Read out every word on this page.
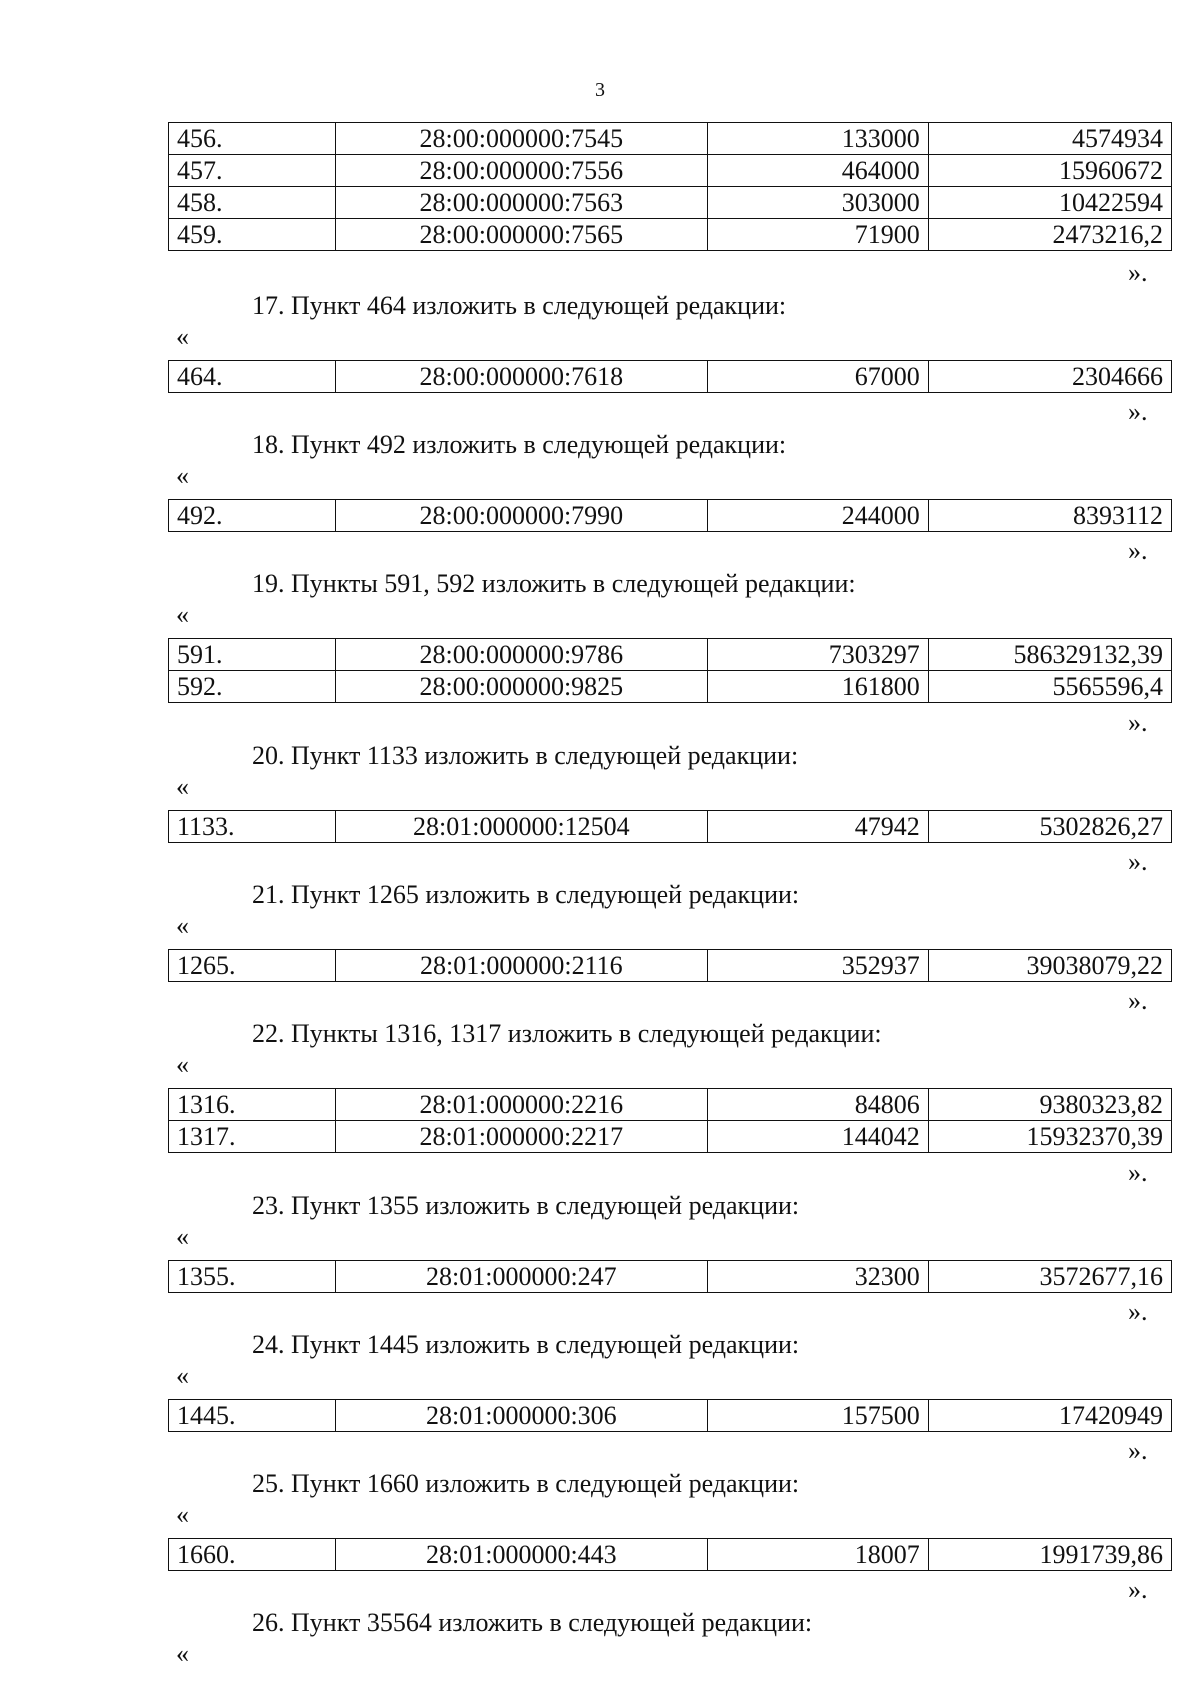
3
456.	28:00:000000:7545	133000	4574934
457.	28:00:000000:7556	464000	15960672
458.	28:00:000000:7563	303000	10422594
459.	28:00:000000:7565	71900	2473216,2
».
17. Пункт 464 изложить в следующей редакции:
«
464.	28:00:000000:7618	67000	2304666
».
18. Пункт 492 изложить в следующей редакции:
«
492.	28:00:000000:7990	244000	8393112
».
19. Пункты 591, 592 изложить в следующей редакции:
«
591.	28:00:000000:9786	7303297	586329132,39
592.	28:00:000000:9825	161800	5565596,4
».
20. Пункт 1133 изложить в следующей редакции:
«
1133.	28:01:000000:12504	47942	5302826,27
».
21. Пункт 1265 изложить в следующей редакции:
«
1265.	28:01:000000:2116	352937	39038079,22
».
22. Пункты 1316, 1317 изложить в следующей редакции:
«
1316.	28:01:000000:2216	84806	9380323,82
1317.	28:01:000000:2217	144042	15932370,39
».
23. Пункт 1355 изложить в следующей редакции:
«
1355.	28:01:000000:247	32300	3572677,16
».
24. Пункт 1445 изложить в следующей редакции:
«
1445.	28:01:000000:306	157500	17420949
».
25. Пункт 1660 изложить в следующей редакции:
«
1660.	28:01:000000:443	18007	1991739,86
».
26. Пункт 35564 изложить в следующей редакции:
«
